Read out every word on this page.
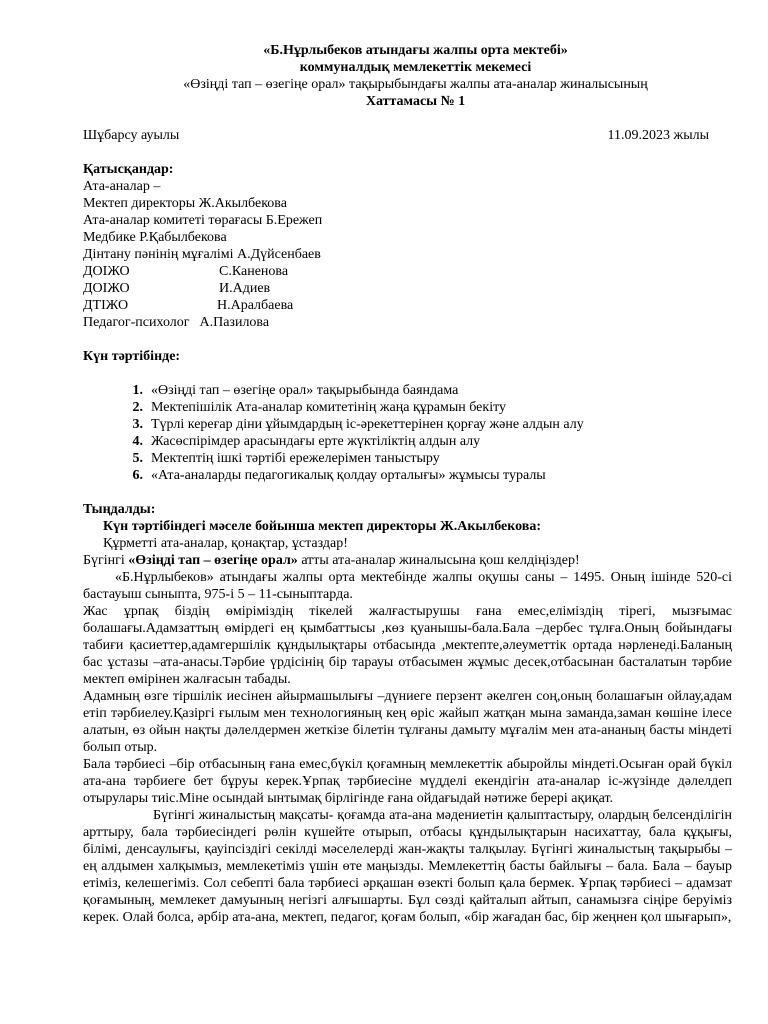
«Б.Нұрлыбеков атындағы жалпы орта мектебі»
коммуналдық мемлекеттік мекемесі
«Өзіңді тап – өзегіңе орал» тақырыбындағы жалпы ата-аналар жиналысының
Хаттамасы № 1
Шұбарсу ауылы	11.09.2023 жылы
Қатысқандар:
Ата-аналар –
Мектеп директоры Ж.Акылбекова
Ата-аналар комитеті төрағасы Б.Ережеп
Медбике Р.Қабылбекова
Дінтану пәнінің мұғалімі А.Дүйсенбаев
ДОІЖО	С.Каненова
ДОІЖО	И.Адиев
ДТІЖО	Н.Аралбаева
Педагог-психолог А.Пазилова
Күн тәртібінде:
1. «Өзіңді тап – өзегіңе орал» тақырыбында баяндама
2. Мектепішілік Ата-аналар комитетінің жаңа құрамын бекіту
3. Түрлі кереғар діни ұйымдардың іс-әрекеттерінен қорғау және алдын алу
4. Жасөспірімдер арасындағы ерте жүктіліктің алдын алу
5. Мектептің ішкі тәртібі ережелерімен таныстыру
6. «Ата-аналарды педагогикалық қолдау орталығы» жұмысы туралы
Тыңдалды:
Күн тәртібіндегі мәселе бойынша мектеп директоры Ж.Акылбекова:
Құрметті ата-аналар, қонақтар, ұстаздар!
Бүгінгі «Өзіңді тап – өзегіңе орал» атты ата-аналар жиналысына қош келдіңіздер!
«Б.Нұрлыбеков» атындағы жалпы орта мектебінде жалпы оқушы саны – 1495. Оның ішінде 520-сі бастауыш сыныпта, 975-і 5 – 11-сыныптарда.
Жас ұрпақ біздің өміріміздің тікелей жалғастырушы ғана емес,еліміздің тірегі, мызғымас болашағы.Адамзаттың өмірдегі ең қымбаттысы ,көз қуанышы-бала.Бала –дербес тұлға.Оның бойындағы табиғи қасиеттер,адамгершілік құндылықтары отбасында ,мектепте,әлеуметтік ортада нәрленеді.Баланың бас ұстазы –ата-анасы.Тәрбие үрдісінің бір тарауы отбасымен жұмыс десек,отбасынан басталатын тәрбие мектеп өмірінен жалғасын табады.
Адамның өзге тіршілік иесінен айырмашылығы –дүниеге перзент әкелген соң,оның болашағын ойлау,адам етіп тәрбиелеу.Қазіргі ғылым мен технологияның кең өріс жайып жатқан мына заманда,заман көшіне ілесе алатын, өз ойын нақты дәлелдермен жеткізе білетін тұлғаны дамыту мұғалім мен ата-ананың басты міндеті болып отыр.
Бала тәрбиесі –бір отбасының ғана емес,бүкіл қоғамның мемлекеттік абыройлы міндеті.Осыған орай бүкіл ата-ана тәрбиеге бет бұруы керек.Ұрпақ тәрбиесіне мүдделі екендігін ата-аналар іс-жүзінде дәлелдеп отырулары тиіс.Міне осындай ынтымақ бірлігінде ғана ойдағыдай нәтиже берері ақиқат.
Бүгінгі жиналыстың мақсаты- қоғамда ата-ана мәдениетін қалыптастыру, олардың белсенділігін арттыру, бала тәрбиесіндегі рөлін күшейте отырып, отбасы құндылықтарын насихаттау, бала құқығы, білімі, денсаулығы, қауіпсіздігі секілді мәселелерді жан-жақты талқылау. Бүгінгі жиналыстың тақырыбы – ең алдымен халқымыз, мемлекетіміз үшін өте маңызды. Мемлекеттің басты байлығы – бала. Бала – бауыр етіміз, келешегіміз. Сол себепті бала тәрбиесі әрқашан өзекті болып қала бермек. Ұрпақ тәрбиесі – адамзат қоғамының, мемлекет дамуының негізгі алғышарты. Бұл сөзді қайталып айтып, санамызға сіңіре беруіміз керек. Олай болса, әрбір ата-ана, мектеп, педагог, қоғам болып, «бір жағадан бас, бір жеңнен қол шығарып»,
